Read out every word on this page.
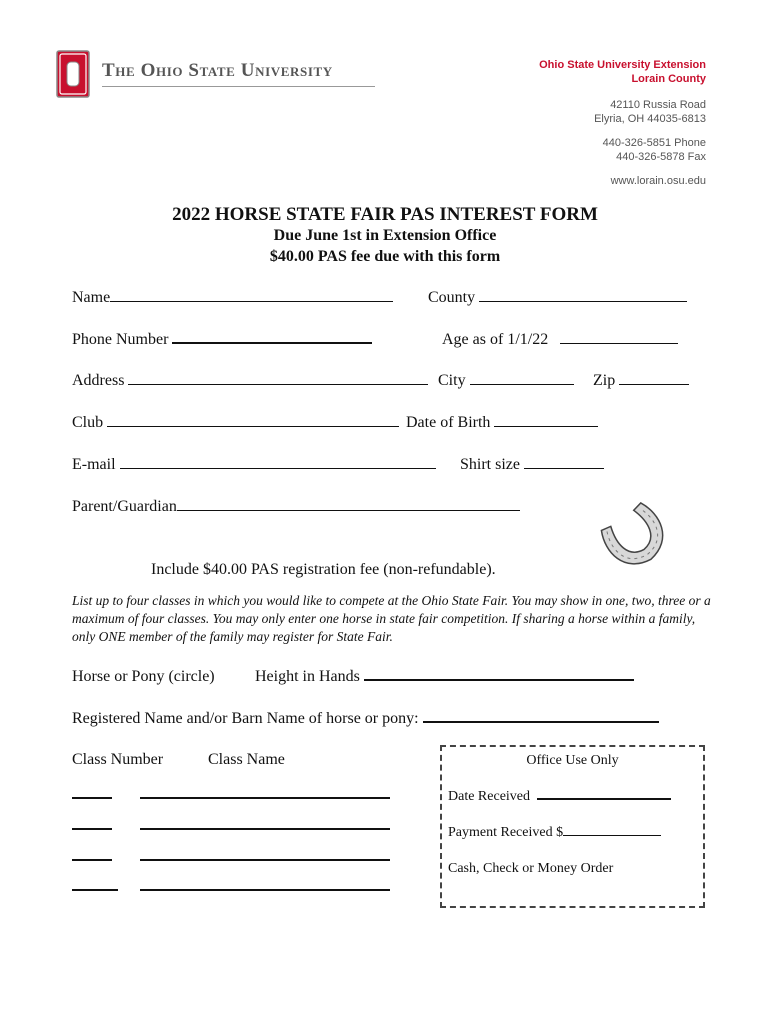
The Ohio State University	Ohio State University Extension
Lorain County
42110 Russia Road
Elyria, OH 44035-6813
440-326-5851 Phone
440-326-5878 Fax
www.lorain.osu.edu
2022 HORSE STATE FAIR PAS INTEREST FORM
Due June 1st in Extension Office
$40.00 PAS fee due with this form
Name	County
Phone Number	Age as of 1/1/22
Address	City	Zip
Club	Date of Birth
E-mail	Shirt size
Parent/Guardian
Include $40.00 PAS registration fee (non-refundable).
List up to four classes in which you would like to compete at the Ohio State Fair. You may show in one, two, three or a maximum of four classes. You may only enter one horse in state fair competition. If sharing a horse within a family, only ONE member of the family may register for State Fair.
Horse or Pony (circle)	Height in Hands
Registered Name and/or Barn Name of horse or pony:
Class Number	Class Name	Office Use Only
Date Received
Payment Received $
Cash, Check or Money Order
